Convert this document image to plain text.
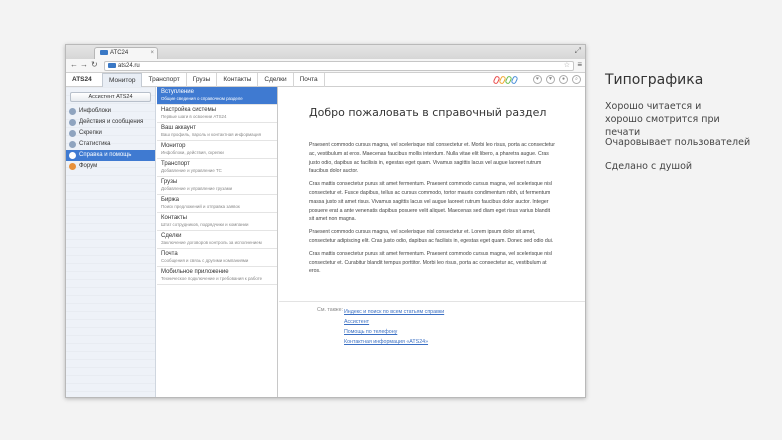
ATC24	×	⤢
← → ↻	ats24.ru	☆ ≡
ATS24	Монитор	Транспорт	Грузы	Контакты	Сделки	Почта	♥	▼	●	⌕
Ассистент ATS24
Инфоблоки
Действия и сообщения
Скрепки
Статистика
Справка и помощь
Форум
Вступление
Общие сведения о справочном разделе
Настройка системы
Первые шаги в освоении ATS24
Ваш аккаунт
Ваш профиль, пароль и контактная информация
Монитор
Инфоблоки, действия, скрепки
Транспорт
Добавление и управление ТС
Грузы
Добавление и управление грузами
Биржа
Поиск предложений и отправка заявок
Контакты
Штат сотрудников, подрядчики и компании
Сделки
Заключение договоров контроль за исполнением
Почта
Сообщения и связь с другими компаниями
Мобильное приложение
Техническое подключение и требования к работе
Добро пожаловать в справочный раздел

Praesent commodo cursus magna, vel scelerisque nisl consectetur et. Morbi leo risus, porta ac consectetur ac, vestibulum at eros. Maecenas faucibus mollis interdum. Nulla vitae elit libero, a pharetra augue. Cras justo odio, dapibus ac facilisis in, egestas eget quam. Vivamus sagittis lacus vel augue laoreet rutrum faucibus dolor auctor.

Cras mattis consectetur purus sit amet fermentum. Praesent commodo cursus magna, vel scelerisque nisl consectetur et. Fusce dapibus, tellus ac cursus commodo, tortor mauris condimentum nibh, ut fermentum massa justo sit amet risus. Vivamus sagittis lacus vel augue laoreet rutrum faucibus dolor auctor. Integer posuere erat a ante venenatis dapibus posuere velit aliquet. Maecenas sed diam eget risus varius blandit sit amet non magna.

Praesent commodo cursus magna, vel scelerisque nisl consectetur et. Lorem ipsum dolor sit amet, consectetur adipiscing elit. Cras justo odio, dapibus ac facilisis in, egestas eget quam. Donec sed odio dui.

Cras mattis consectetur purus sit amet fermentum. Praesent commodo cursus magna, vel scelerisque nisl consectetur et. Curabitur blandit tempus porttitor. Morbi leo risus, porta ac consectetur ac, vestibulum at eros.

См. также: Индекс и поиск по всем статьям справки
Ассистент
Помощь по телефону
Контактная информация «ATS24»
Типографика
Хорошо читается и хорошо смотрится при печати
Очаровывает пользователей
Сделано с душой
